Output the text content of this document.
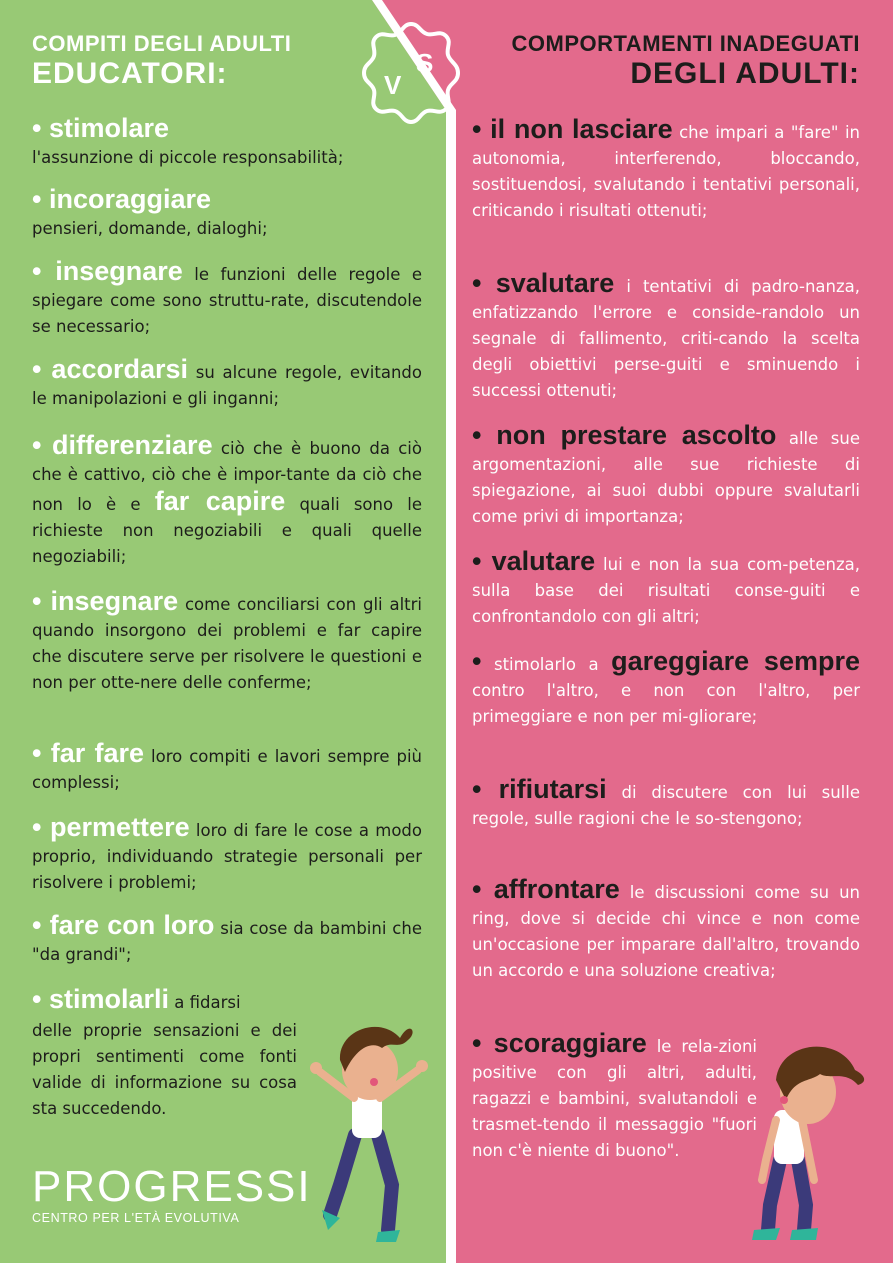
V
S
COMPITI DEGLI ADULTI
EDUCATORI:
• stimolare
l'assunzione di piccole responsabilità;
• incoraggiare
pensieri, domande, dialoghi;
• insegnare le funzioni delle regole e spiegare come sono struttu-rate, discutendole se necessario;
• accordarsi su alcune regole, evitando le manipolazioni e gli inganni;
• differenziare ciò che è buono da ciò che è cattivo, ciò che è impor-tante da ciò che non lo è e far capire quali sono le richieste non negoziabili e quali quelle negoziabili;
• insegnare come conciliarsi con gli altri quando insorgono dei problemi e far capire che discutere serve per risolvere le questioni e non per otte-nere delle conferme;
• far fare loro compiti e lavori sempre più complessi;
• permettere loro di fare le cose a modo proprio, individuando strategie personali per risolvere i problemi;
• fare con loro sia cose da bambini che "da grandi";
• stimolarli a fidarsi
delle proprie sensazioni e dei propri sentimenti come fonti valide di informazione su cosa sta succedendo.
PROGRESSI
CENTRO PER L'ETÀ EVOLUTIVA
COMPORTAMENTI INADEGUATI
DEGLI ADULTI:
• il non lasciare che impari a "fare" in autonomia, interferendo, bloccando, sostituendosi, svalutando i tentativi personali, criticando i risultati ottenuti;
• svalutare i tentativi di padro-nanza, enfatizzando l'errore e conside-randolo un segnale di fallimento, criti-cando la scelta degli obiettivi perse-guiti e sminuendo i successi ottenuti;
• non prestare ascolto alle sue argomentazioni, alle sue richieste di spiegazione, ai suoi dubbi oppure svalutarli come privi di importanza;
• valutare lui e non la sua com-petenza, sulla base dei risultati conse-guiti e confrontandolo con gli altri;
• stimolarlo a gareggiare sempre contro l'altro, e non con l'altro, per primeggiare e non per mi-gliorare;
• rifiutarsi di discutere con lui sulle regole, sulle ragioni che le so-stengono;
• affrontare le discussioni come su un ring, dove si decide chi vince e non come un'occasione per imparare dall'altro, trovando un accordo e una soluzione creativa;
• scoraggiare le rela-zioni positive con gli altri, adulti, ragazzi e bambini, svalutandoli e trasmet-tendo il messaggio "fuori non c'è niente di buono".
